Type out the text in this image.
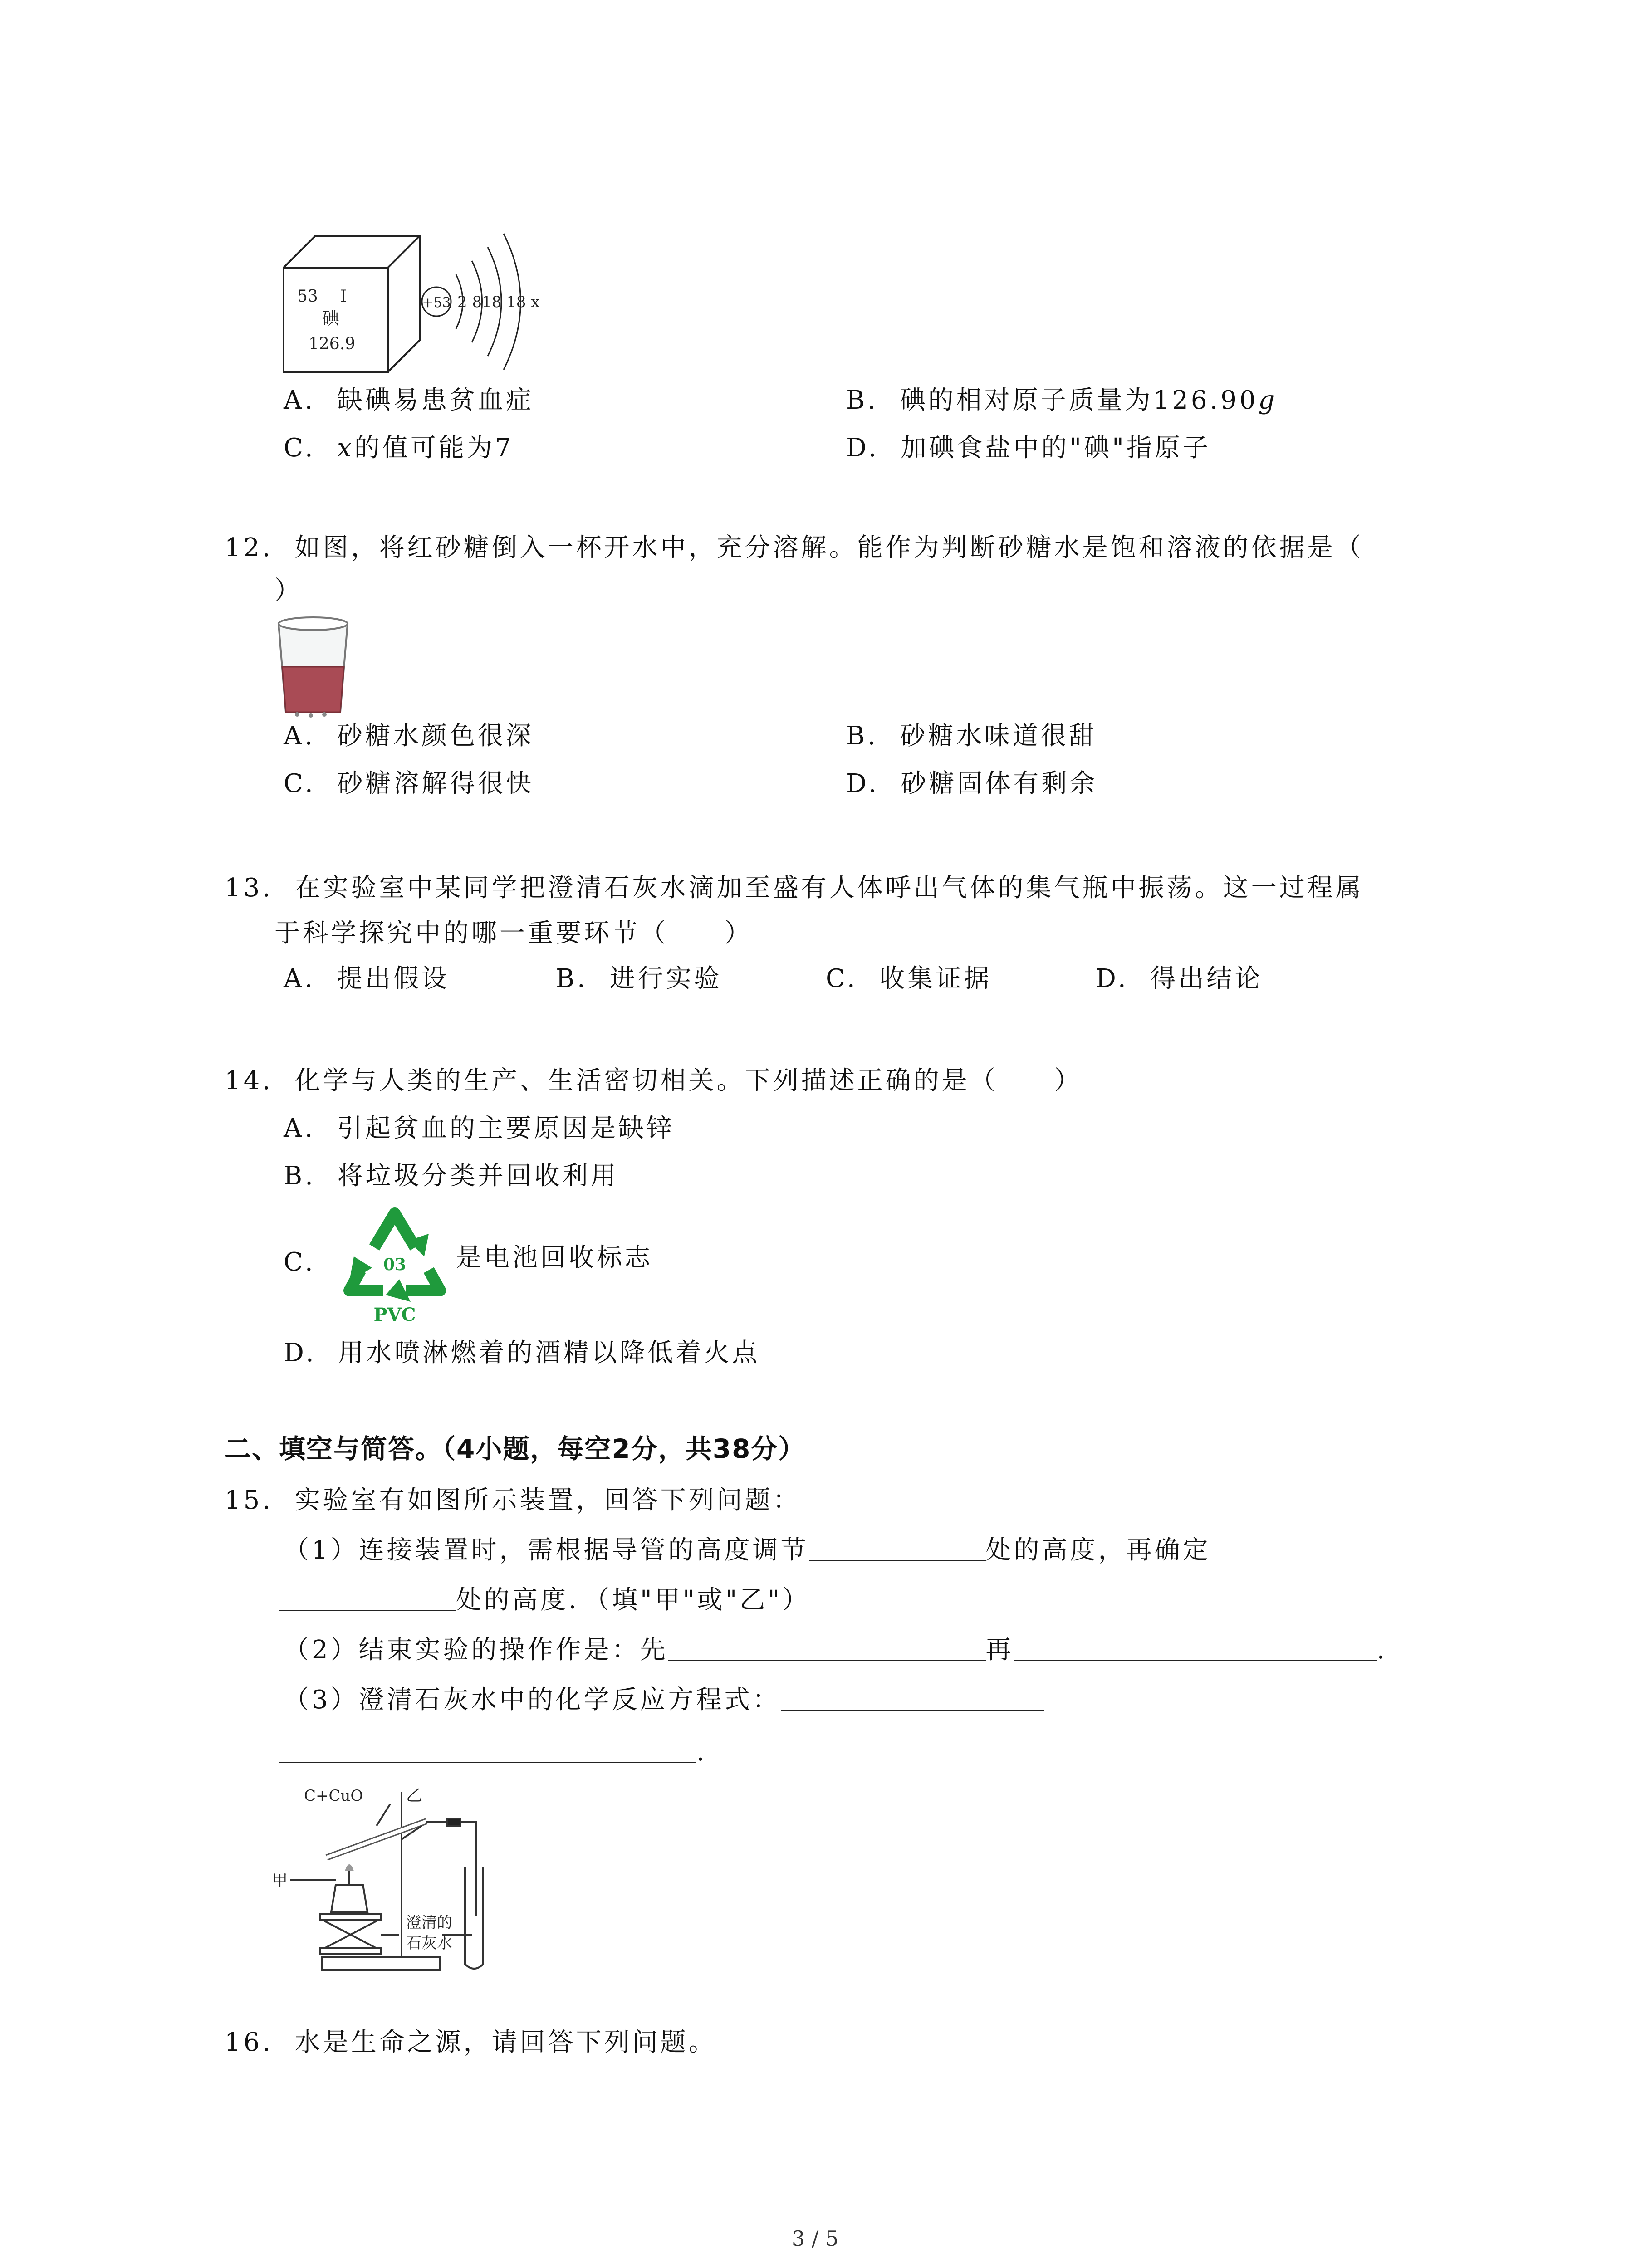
53 I
碘
126.9
+53 2 818 18 x
A. 缺碘易患贫血症	B. 碘的相对原子质量为126.90g
C. x的值可能为7	D. 加碘食盐中的"碘"指原子
12. 如图，将红砂糖倒入一杯开水中，充分溶解。能作为判断砂糖水是饱和溶液的依据是（
）
A. 砂糖水颜色很深	B. 砂糖水味道很甜
C. 砂糖溶解得很快	D. 砂糖固体有剩余
13. 在实验室中某同学把澄清石灰水滴加至盛有人体呼出气体的集气瓶中振荡。这一过程属
于科学探究中的哪一重要环节（　　）
A. 提出假设	B. 进行实验	C. 收集证据	D. 得出结论
14. 化学与人类的生产、生活密切相关。下列描述正确的是（　　）
A. 引起贫血的主要原因是缺锌
B. 将垃圾分类并回收利用
C.	03
PVC
是电池回收标志
D. 用水喷淋燃着的酒精以降低着火点
二、填空与简答。（4小题，每空2分，共38分）
15. 实验室有如图所示装置，回答下列问题：
（1）连接装置时，需根据导管的高度调节	处的高度，再确定
处的高度．（填"甲"或"乙"）
（2）结束实验的操作作是：先	再	.
（3）澄清石灰水中的化学反应方程式：
.
C+CuO	乙
甲
澄清的
石灰水
16. 水是生命之源，请回答下列问题。
3 / 5
